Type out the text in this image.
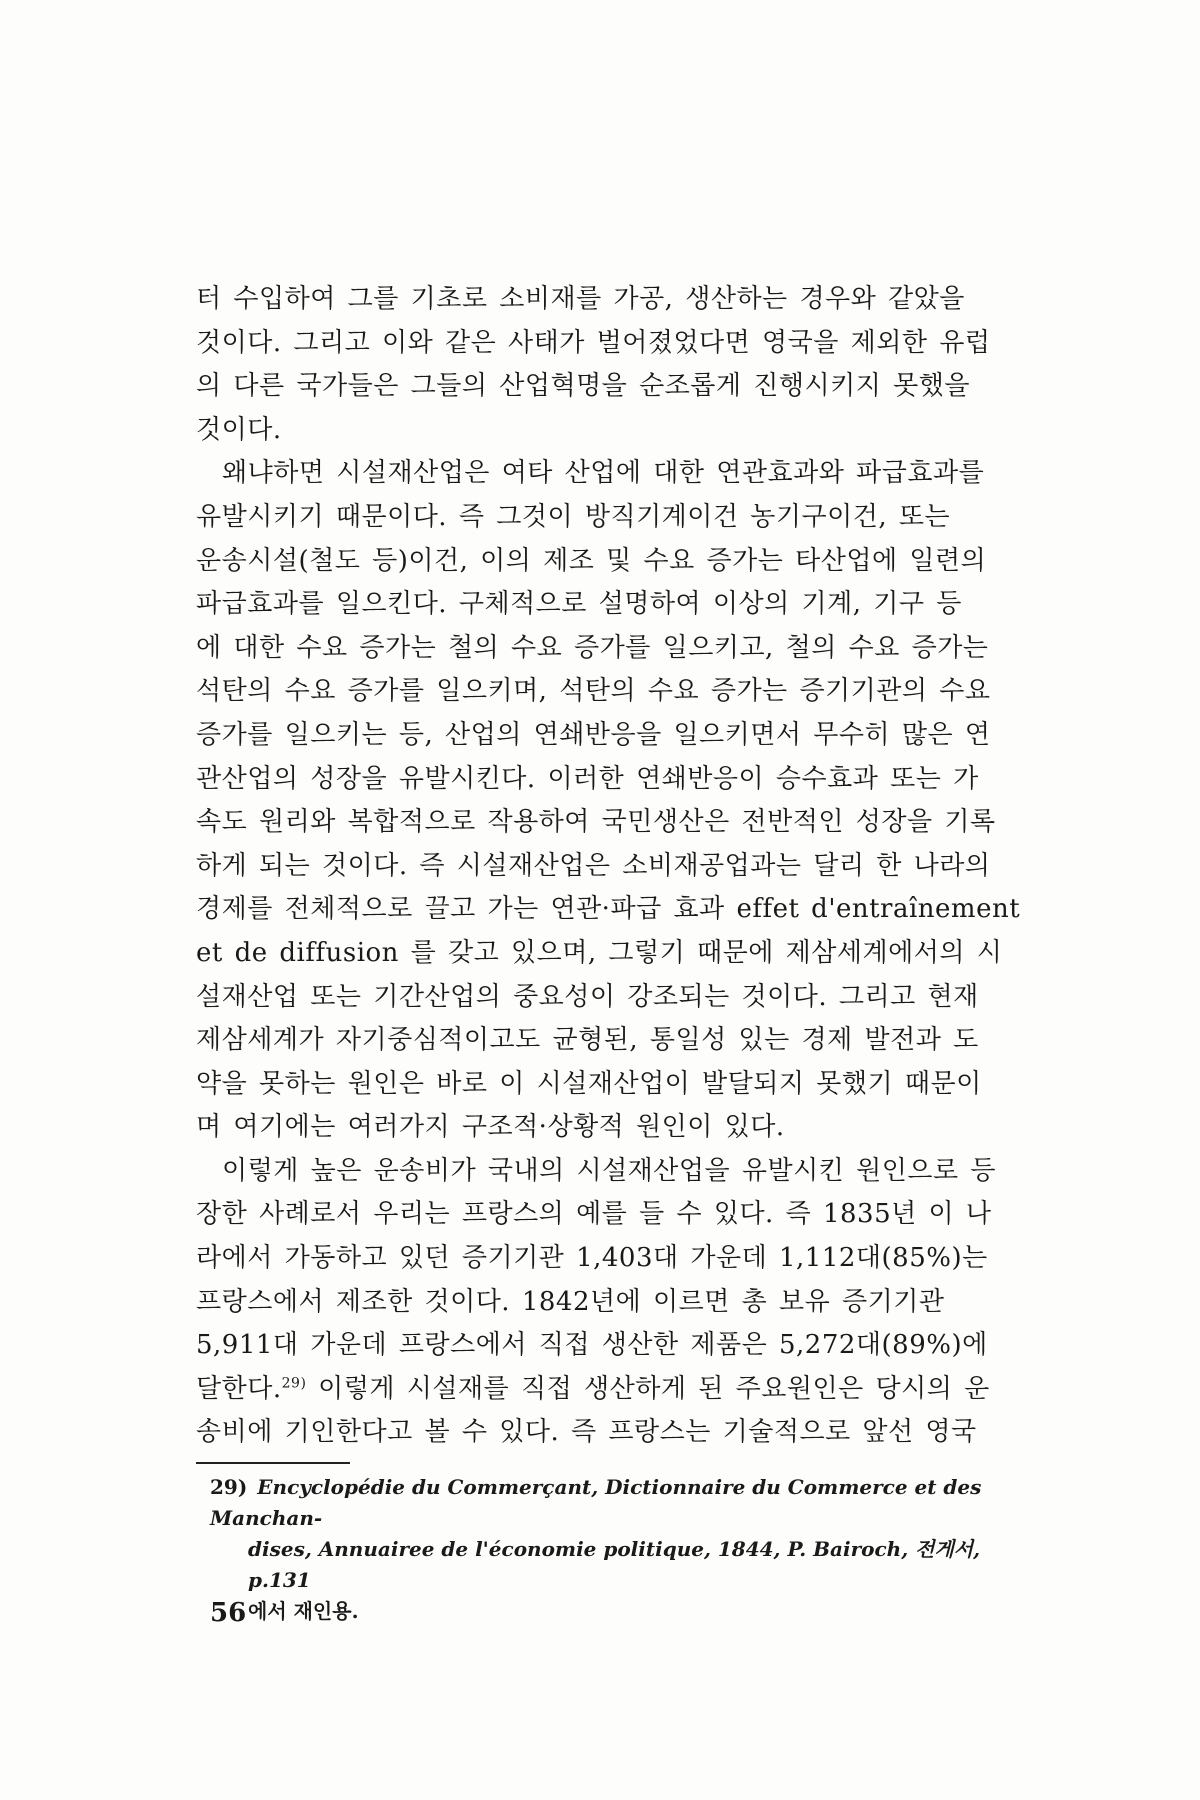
터 수입하여 그를 기초로 소비재를 가공, 생산하는 경우와 같았을

것이다. 그리고 이와 같은 사태가 벌어졌었다면 영국을 제외한 유럽

의 다른 국가들은 그들의 산업혁명을 순조롭게 진행시키지 못했을

것이다.

왜냐하면 시설재산업은 여타 산업에 대한 연관효과와 파급효과를

유발시키기 때문이다. 즉 그것이 방직기계이건 농기구이건, 또는

운송시설(철도 등)이건, 이의 제조 및 수요 증가는 타산업에 일련의

파급효과를 일으킨다. 구체적으로 설명하여 이상의 기계, 기구 등

에 대한 수요 증가는 철의 수요 증가를 일으키고, 철의 수요 증가는

석탄의 수요 증가를 일으키며, 석탄의 수요 증가는 증기기관의 수요

증가를 일으키는 등, 산업의 연쇄반응을 일으키면서 무수히 많은 연

관산업의 성장을 유발시킨다. 이러한 연쇄반응이 승수효과 또는 가

속도 원리와 복합적으로 작용하여 국민생산은 전반적인 성장을 기록

하게 되는 것이다. 즉 시설재산업은 소비재공업과는 달리 한 나라의

경제를 전체적으로 끌고 가는 연관·파급 효과 effet d'entraînement

et de diffusion 를 갖고 있으며, 그렇기 때문에 제삼세계에서의 시

설재산업 또는 기간산업의 중요성이 강조되는 것이다. 그리고 현재

제삼세계가 자기중심적이고도 균형된, 통일성 있는 경제 발전과 도

약을 못하는 원인은 바로 이 시설재산업이 발달되지 못했기 때문이

며 여기에는 여러가지 구조적·상황적 원인이 있다.

이렇게 높은 운송비가 국내의 시설재산업을 유발시킨 원인으로 등

장한 사례로서 우리는 프랑스의 예를 들 수 있다. 즉 1835년 이 나

라에서 가동하고 있던 증기기관 1,403대 가운데 1,112대(85%)는

프랑스에서 제조한 것이다. 1842년에 이르면 총 보유 증기기관

5,911대 가운데 프랑스에서 직접 생산한 제품은 5,272대(89%)에

달한다.$^{29)}$ 이렇게 시설재를 직접 생산하게 된 주요원인은 당시의 운

송비에 기인한다고 볼 수 있다. 즉 프랑스는 기술적으로 앞선 영국

29) Encyclopédie du Commerçant, Dictionnaire du Commerce et des Manchan-
dises, Annuairee de l'économie politique, 1844, P. Bairoch, 전게서, p.131
에서 재인용.
56
